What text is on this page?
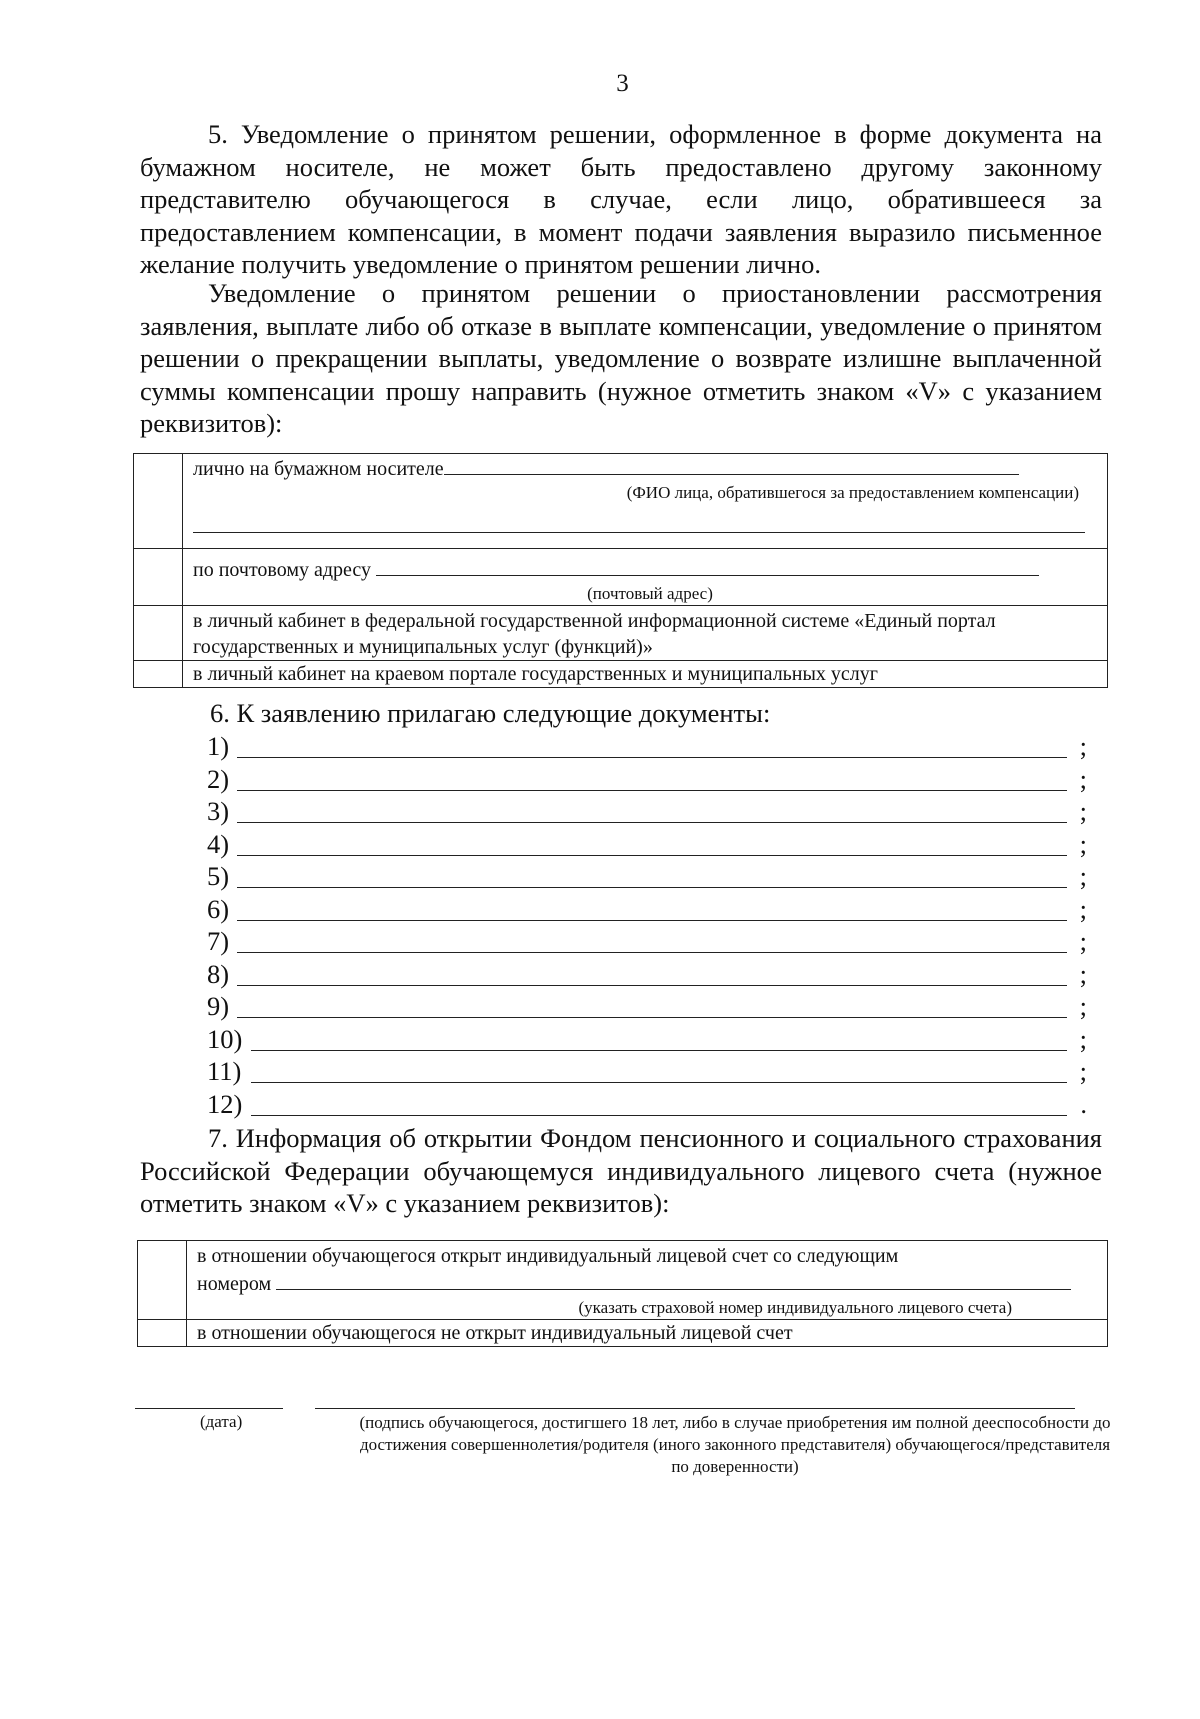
3

5. Уведомление о принятом решении, оформленное в форме документа на бумажном носителе, не может быть предоставлено другому законному представителю обучающегося в случае, если лицо, обратившееся за предоставлением компенсации, в момент подачи заявления выразило письменное желание получить уведомление о принятом решении лично.

Уведомление о принятом решении о приостановлении рассмотрения заявления, выплате либо об отказе в выплате компенсации, уведомление о принятом решении о прекращении выплаты, уведомление о возврате излишне выплаченной суммы компенсации прошу направить (нужное отметить знаком «V» с указанием реквизитов):

	лично на бумажном носителе
(ФИО лица, обратившегося за предоставлением компенсации)

	по почтовому адресу
(почтовый адрес)

	в личный кабинет в федеральной государственной информационной системе «Единый портал государственных и муниципальных услуг (функций)»
	в личный кабинет на краевом портале государственных и муниципальных услуг
6. К заявлению прилагаю следующие документы:
1)	;
2)	;
3)	;
4)	;
5)	;
6)	;
7)	;
8)	;
9)	;
10)	;
11)	;
12)	.

7. Информация об открытии Фондом пенсионного и социального страхования Российской Федерации обучающемуся индивидуального лицевого счета (нужное отметить знаком «V» с указанием реквизитов):

	в отношении обучающегося открыт индивидуальный лицевой счет со следующим
номером
(указать страховой номер индивидуального лицевого счета)

	в отношении обучающегося не открыт индивидуальный лицевой счет
(дата)	(подпись обучающегося, достигшего 18 лет, либо в случае приобретения им полной дееспособности до достижения совершеннолетия/родителя (иного законного представителя) обучающегося/представителя по доверенности)
